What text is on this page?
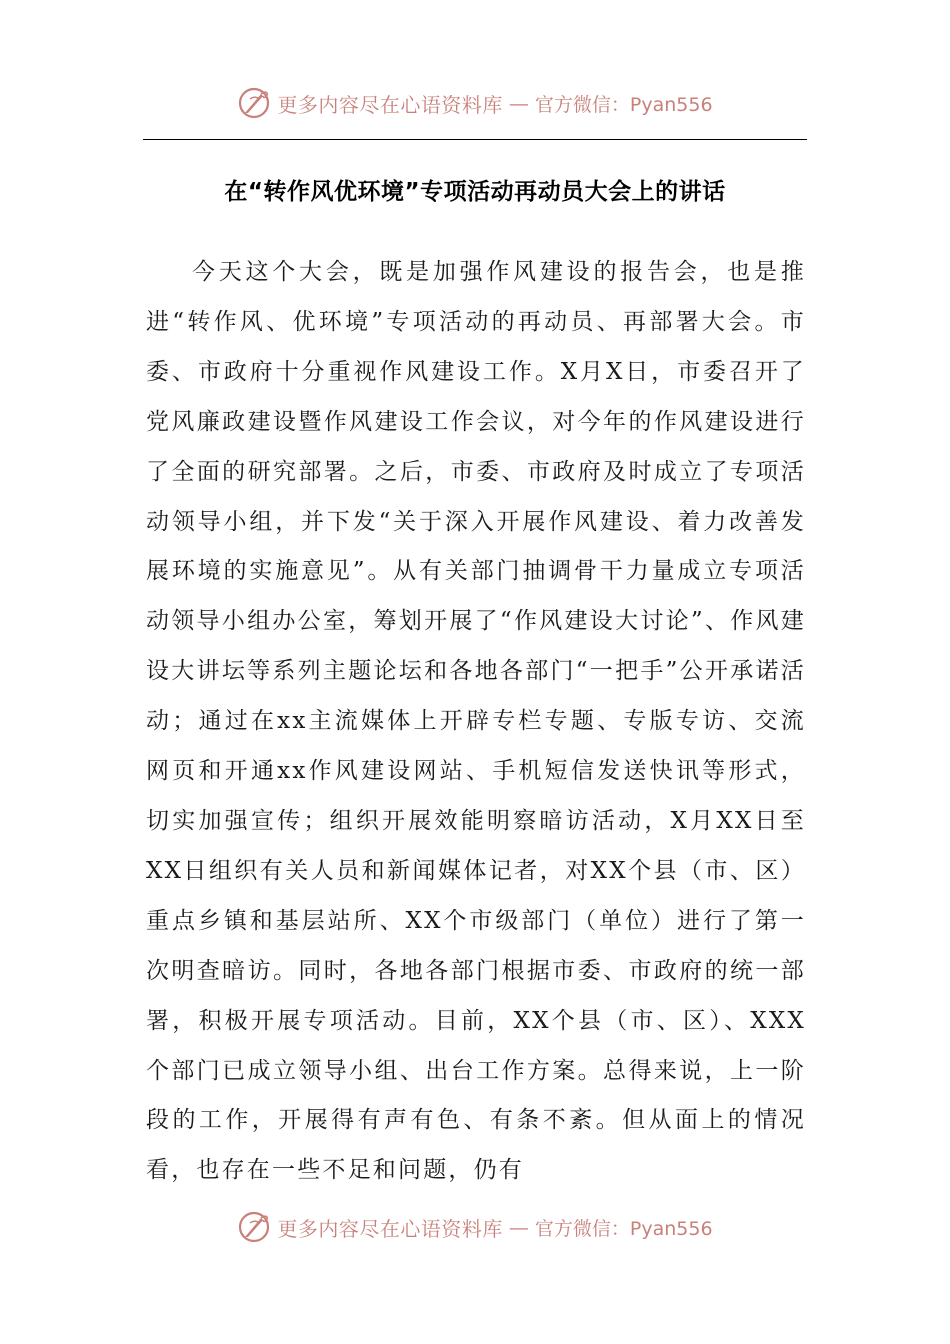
更多内容尽在心语资料库 — 官方微信：Pyan556
在“转作风优环境”专项活动再动员大会上的讲话

今天这个大会，既是加强作风建设的报告会，也是推进“转作风、优环境”专项活动的再动员、再部署大会。市委、市政府十分重视作风建设工作。X月X日，市委召开了党风廉政建设暨作风建设工作会议，对今年的作风建设进行了全面的研究部署。之后，市委、市政府及时成立了专项活动领导小组，并下发“关于深入开展作风建设、着力改善发展环境的实施意见”。从有关部门抽调骨干力量成立专项活动领导小组办公室，筹划开展了“作风建设大讨论”、作风建设大讲坛等系列主题论坛和各地各部门“一把手”公开承诺活动；通过在xx主流媒体上开辟专栏专题、专版专访、交流网页和开通xx作风建设网站、手机短信发送快讯等形式，切实加强宣传；组织开展效能明察暗访活动，X月XX日至XX日组织有关人员和新闻媒体记者，对XX个县（市、区）重点乡镇和基层站所、XX个市级部门（单位）进行了第一次明查暗访。同时，各地各部门根据市委、市政府的统一部署，积极开展专项活动。目前，XX个县（市、区）、XXX个部门已成立领导小组、出台工作方案。总得来说，上一阶段的工作，开展得有声有色、有条不紊。但从面上的情况看，也存在一些不足和问题，仍有

更多内容尽在心语资料库 — 官方微信：Pyan556
